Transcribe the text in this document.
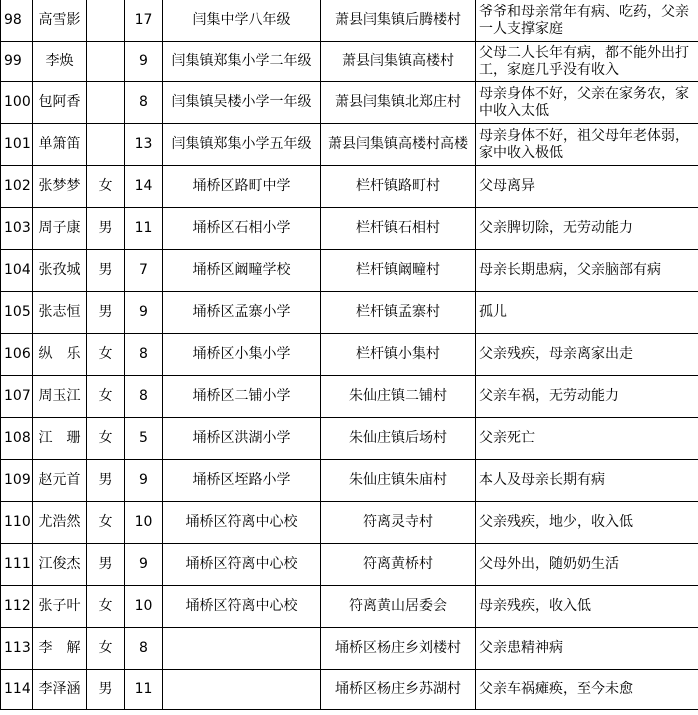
98	高雪影		17	闫集中学八年级	萧县闫集镇后腾楼村	爷爷和母亲常年有病、吃药，父亲一人支撑家庭
99	李焕		9	闫集镇郑集小学二年级	萧县闫集镇高楼村	父母二人长年有病，都不能外出打工，家庭几乎没有收入
100	包阿香		8	闫集镇吴楼小学一年级	萧县闫集镇北郑庄村	母亲身体不好，父亲在家务农，家中收入太低
101	单箫笛		13	闫集镇郑集小学五年级	萧县闫集镇高楼村高楼	母亲身体不好，祖父母年老体弱，家中收入极低
102	张梦梦	女	14	埇桥区路町中学	栏杆镇路町村	父母离异
103	周子康	男	11	埇桥区石相小学	栏杆镇石相村	父亲脾切除，无劳动能力
104	张孜城	男	7	埇桥区阚疃学校	栏杆镇阚疃村	母亲长期患病，父亲脑部有病
105	张志恒	男	9	埇桥区孟寨小学	栏杆镇孟寨村	孤儿
106	纵　乐	女	8	埇桥区小集小学	栏杆镇小集村	父亲残疾，母亲离家出走
107	周玉江	女	8	埇桥区二铺小学	朱仙庄镇二铺村	父亲车祸，无劳动能力
108	江　珊	女	5	埇桥区洪湖小学	朱仙庄镇后场村	父亲死亡
109	赵元首	男	9	埇桥区垤路小学	朱仙庄镇朱庙村	本人及母亲长期有病
110	尤浩然	女	10	埇桥区符离中心校	符离灵寺村	父亲残疾，地少，收入低
111	江俊杰	男	9	埇桥区符离中心校	符离黄桥村	父母外出，随奶奶生活
112	张子叶	女	10	埇桥区符离中心校	符离黄山居委会	母亲残疾，收入低
113	李　解	女	8		埇桥区杨庄乡刘楼村	父亲患精神病
114	李泽涵	男	11		埇桥区杨庄乡苏湖村	父亲车祸瘫痪，至今未愈
